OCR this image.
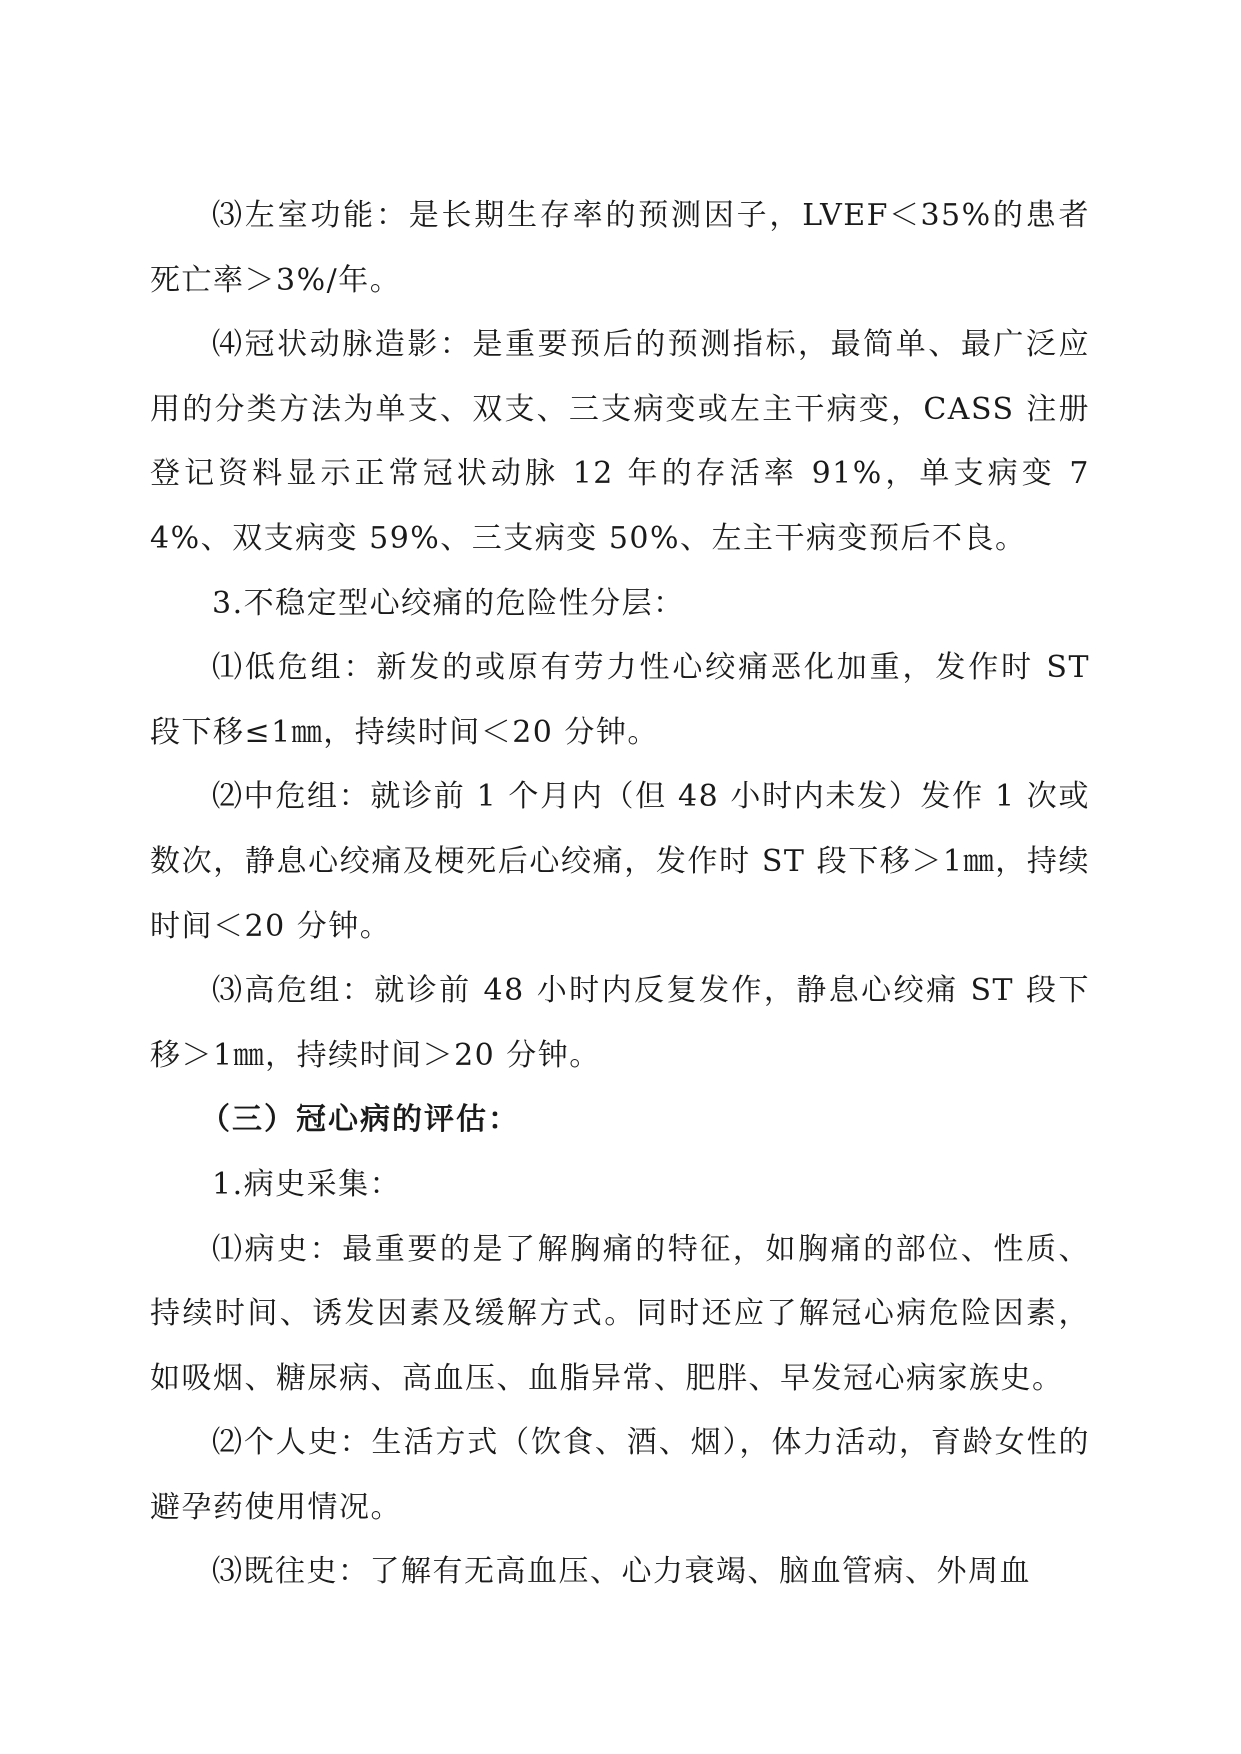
⑶左室功能：是长期生存率的预测因子，LVEF＜35%的患者死亡率＞3%/年。

⑷冠状动脉造影：是重要预后的预测指标，最简单、最广泛应用的分类方法为单支、双支、三支病变或左主干病变，CASS 注册登记资料显示正常冠状动脉 12 年的存活率 91%，单支病变 74%、双支病变 59%、三支病变 50%、左主干病变预后不良。

3.不稳定型心绞痛的危险性分层：

⑴低危组：新发的或原有劳力性心绞痛恶化加重，发作时 ST 段下移≤1㎜，持续时间＜20 分钟。

⑵中危组：就诊前 1 个月内（但 48 小时内未发）发作 1 次或数次，静息心绞痛及梗死后心绞痛，发作时 ST 段下移＞1㎜，持续时间＜20 分钟。

⑶高危组：就诊前 48 小时内反复发作，静息心绞痛 ST 段下移＞1㎜，持续时间＞20 分钟。

（三）冠心病的评估：

1.病史采集：

⑴病史：最重要的是了解胸痛的特征，如胸痛的部位、性质、持续时间、诱发因素及缓解方式。同时还应了解冠心病危险因素，如吸烟、糖尿病、高血压、血脂异常、肥胖、早发冠心病家族史。

⑵个人史：生活方式（饮食、酒、烟），体力活动，育龄女性的避孕药使用情况。

⑶既往史：了解有无高血压、心力衰竭、脑血管病、外周血
